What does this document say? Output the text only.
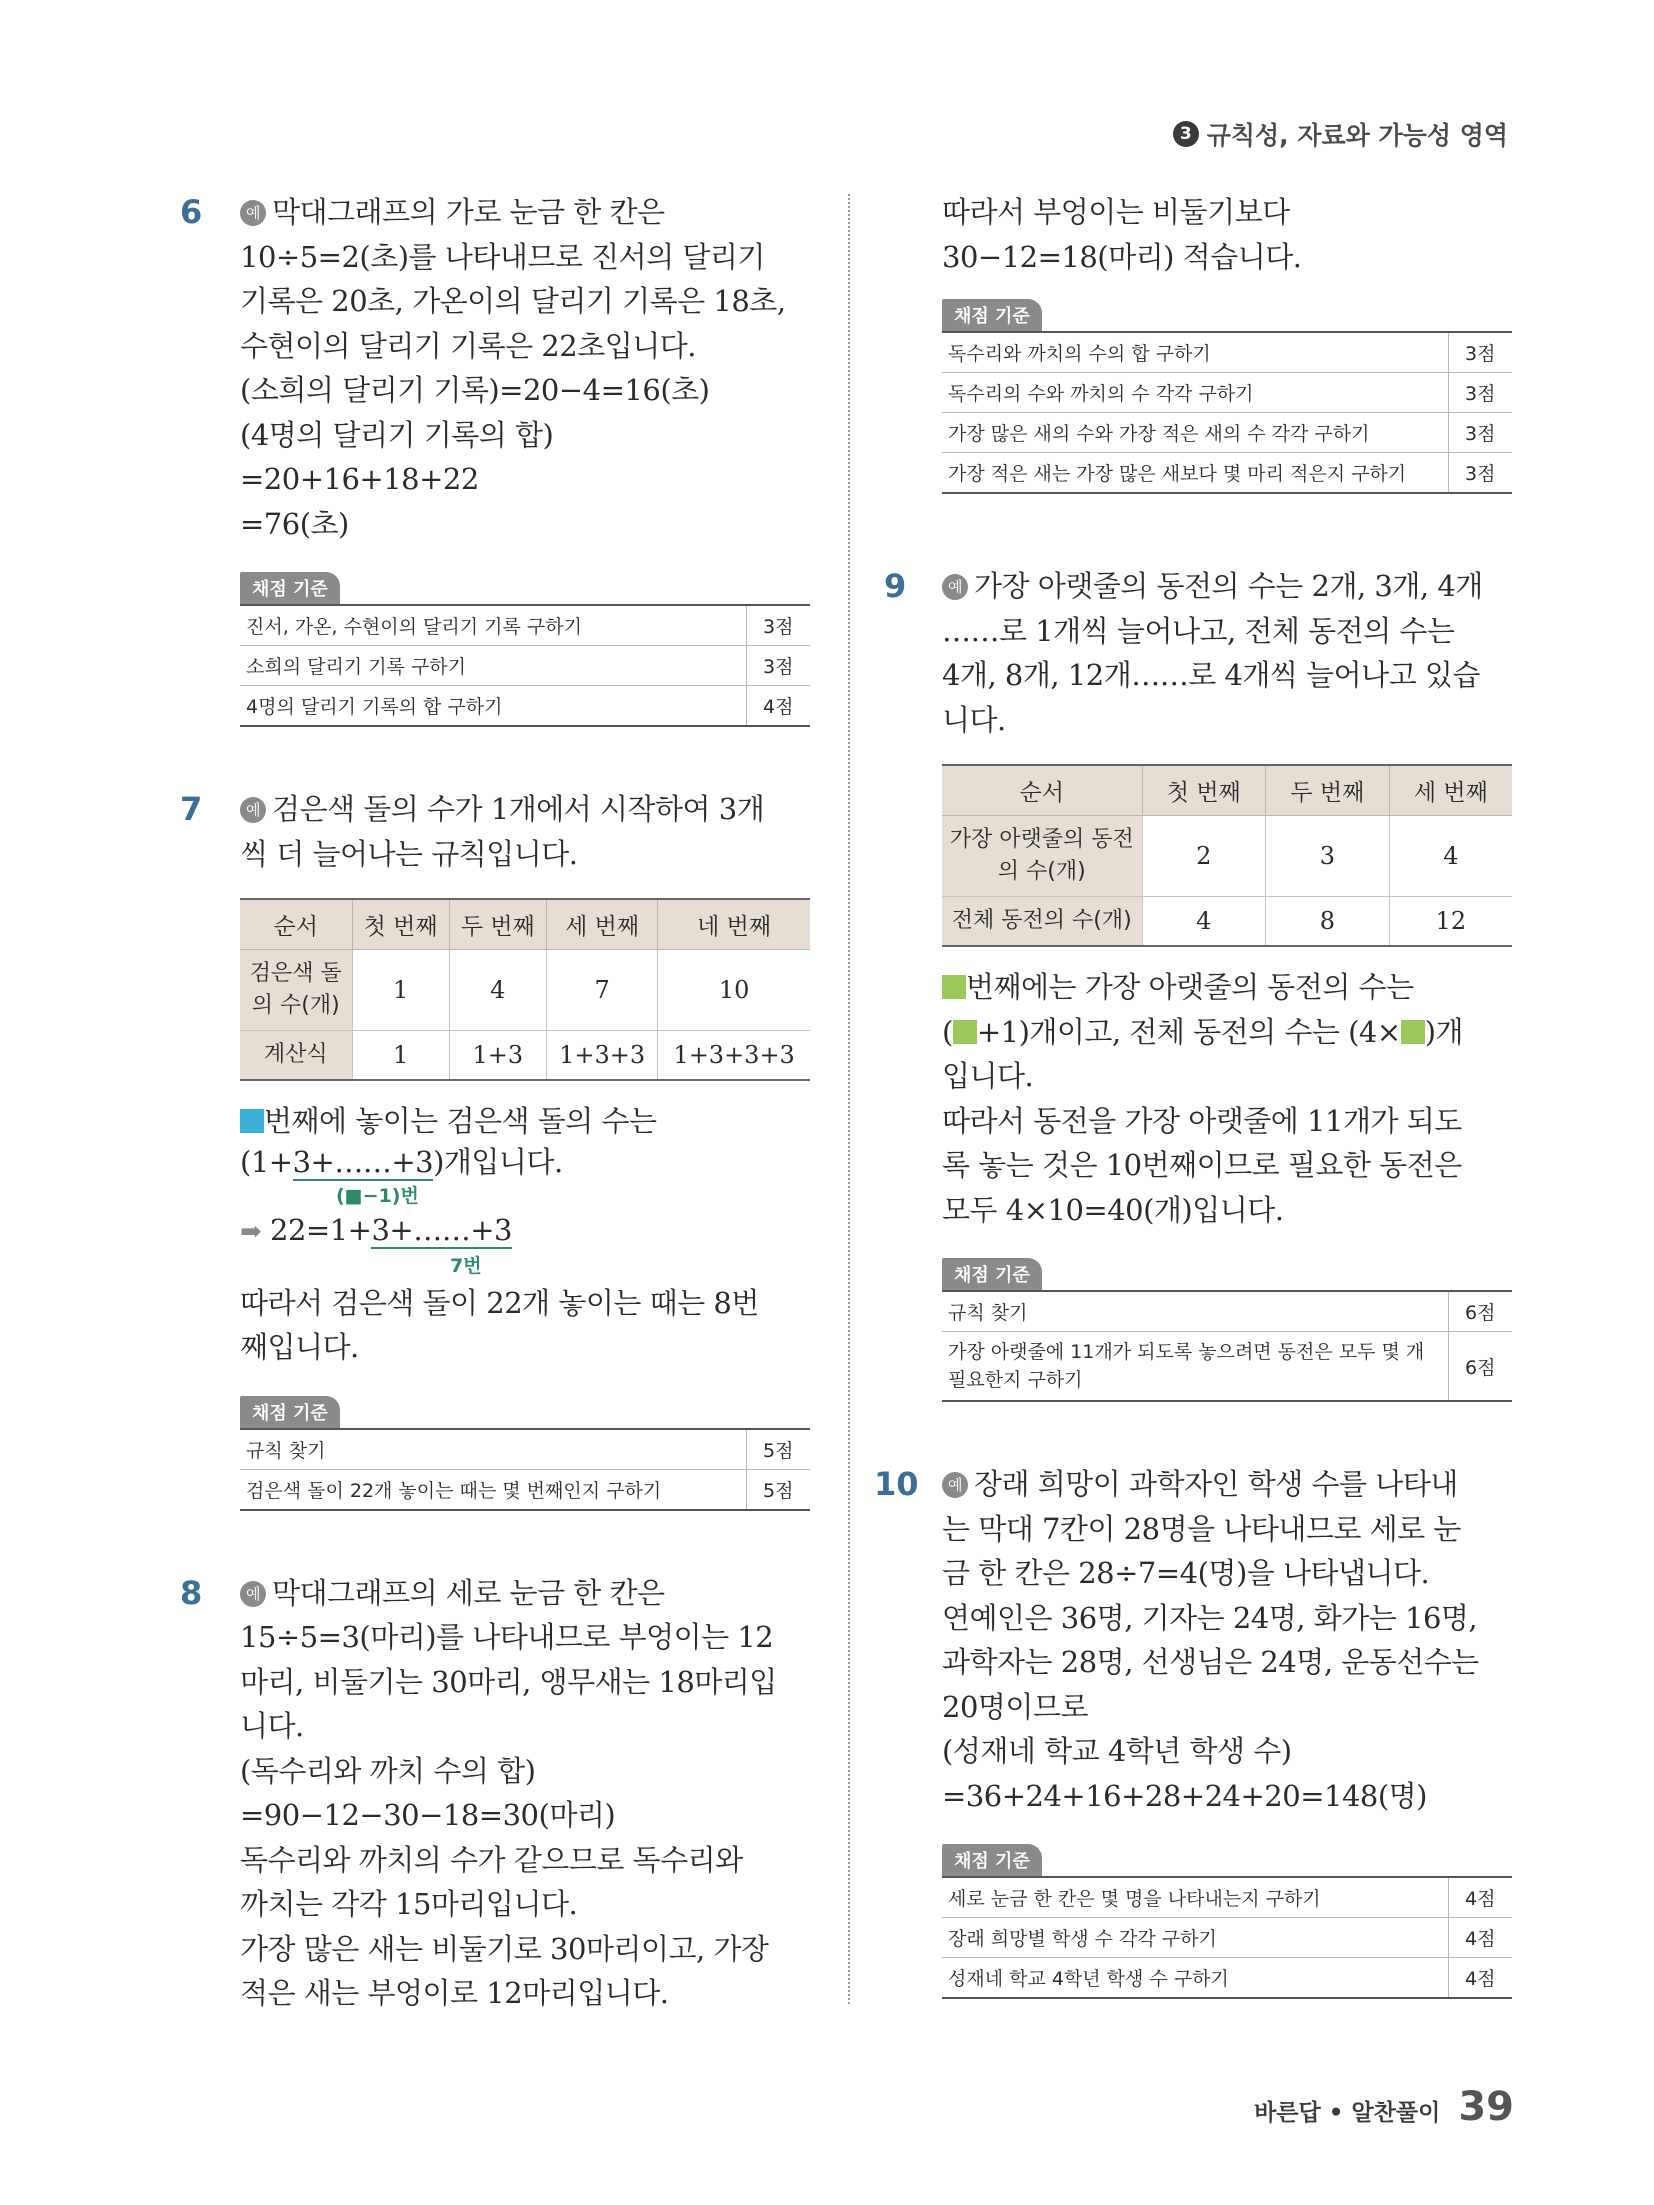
3 규칙성, 자료와 가능성 영역
6	예 막대그래프의 가로 눈금 한 칸은

10÷5=2(초)를 나타내므로 진서의 달리기

기록은 20초, 가온이의 달리기 기록은 18초,

수현이의 달리기 기록은 22초입니다.

(소희의 달리기 기록)=20−4=16(초)

(4명의 달리기 기록의 합)

=20+16+18+22

=76(초)

채점 기준
진서, 가온, 수현이의 달리기 기록 구하기	3점
소희의 달리기 기록 구하기	3점
4명의 달리기 기록의 합 구하기	4점
7	예 검은색 돌의 수가 1개에서 시작하여 3개

씩 더 늘어나는 규칙입니다.

순서	첫 번째	두 번째	세 번째	네 번째
검은색 돌의 수(개)	1	4	7	10
계산식	1	1+3	1+3+3	1+3+3+3

번째에 놓이는 검은색 돌의 수는

(1+3+……+3)개입니다.

(■−1)번

➡ 22=1+3+……+3

7번

따라서 검은색 돌이 22개 놓이는 때는 8번

째입니다.

채점 기준
규칙 찾기	5점
검은색 돌이 22개 놓이는 때는 몇 번째인지 구하기	5점
8	예 막대그래프의 세로 눈금 한 칸은

15÷5=3(마리)를 나타내므로 부엉이는 12

마리, 비둘기는 30마리, 앵무새는 18마리입

니다.

(독수리와 까치 수의 합)

=90−12−30−18=30(마리)

독수리와 까치의 수가 같으므로 독수리와

까치는 각각 15마리입니다.

가장 많은 새는 비둘기로 30마리이고, 가장

적은 새는 부엉이로 12마리입니다.

따라서 부엉이는 비둘기보다

30−12=18(마리) 적습니다.

채점 기준
독수리와 까치의 수의 합 구하기	3점
독수리의 수와 까치의 수 각각 구하기	3점
가장 많은 새의 수와 가장 적은 새의 수 각각 구하기	3점
가장 적은 새는 가장 많은 새보다 몇 마리 적은지 구하기	3점
9	예 가장 아랫줄의 동전의 수는 2개, 3개, 4개

……로 1개씩 늘어나고, 전체 동전의 수는

4개, 8개, 12개……로 4개씩 늘어나고 있습

니다.

순서	첫 번째	두 번째	세 번째
가장 아랫줄의 동전의 수(개)	2	3	4
전체 동전의 수(개)	4	8	12

번째에는 가장 아랫줄의 동전의 수는

( +1)개이고, 전체 동전의 수는 (4× )개

입니다.

따라서 동전을 가장 아랫줄에 11개가 되도

록 놓는 것은 10번째이므로 필요한 동전은

모두 4×10=40(개)입니다.

채점 기준
규칙 찾기	6점
가장 아랫줄에 11개가 되도록 놓으려면 동전은 모두 몇 개 필요한지 구하기	6점
10	예 장래 희망이 과학자인 학생 수를 나타내

는 막대 7칸이 28명을 나타내므로 세로 눈

금 한 칸은 28÷7=4(명)을 나타냅니다.

연예인은 36명, 기자는 24명, 화가는 16명,

과학자는 28명, 선생님은 24명, 운동선수는

20명이므로

(성재네 학교 4학년 학생 수)

=36+24+16+28+24+20=148(명)

채점 기준
세로 눈금 한 칸은 몇 명을 나타내는지 구하기	4점
장래 희망별 학생 수 각각 구하기	4점
성재네 학교 4학년 학생 수 구하기	4점
바른답 • 알찬풀이 39
